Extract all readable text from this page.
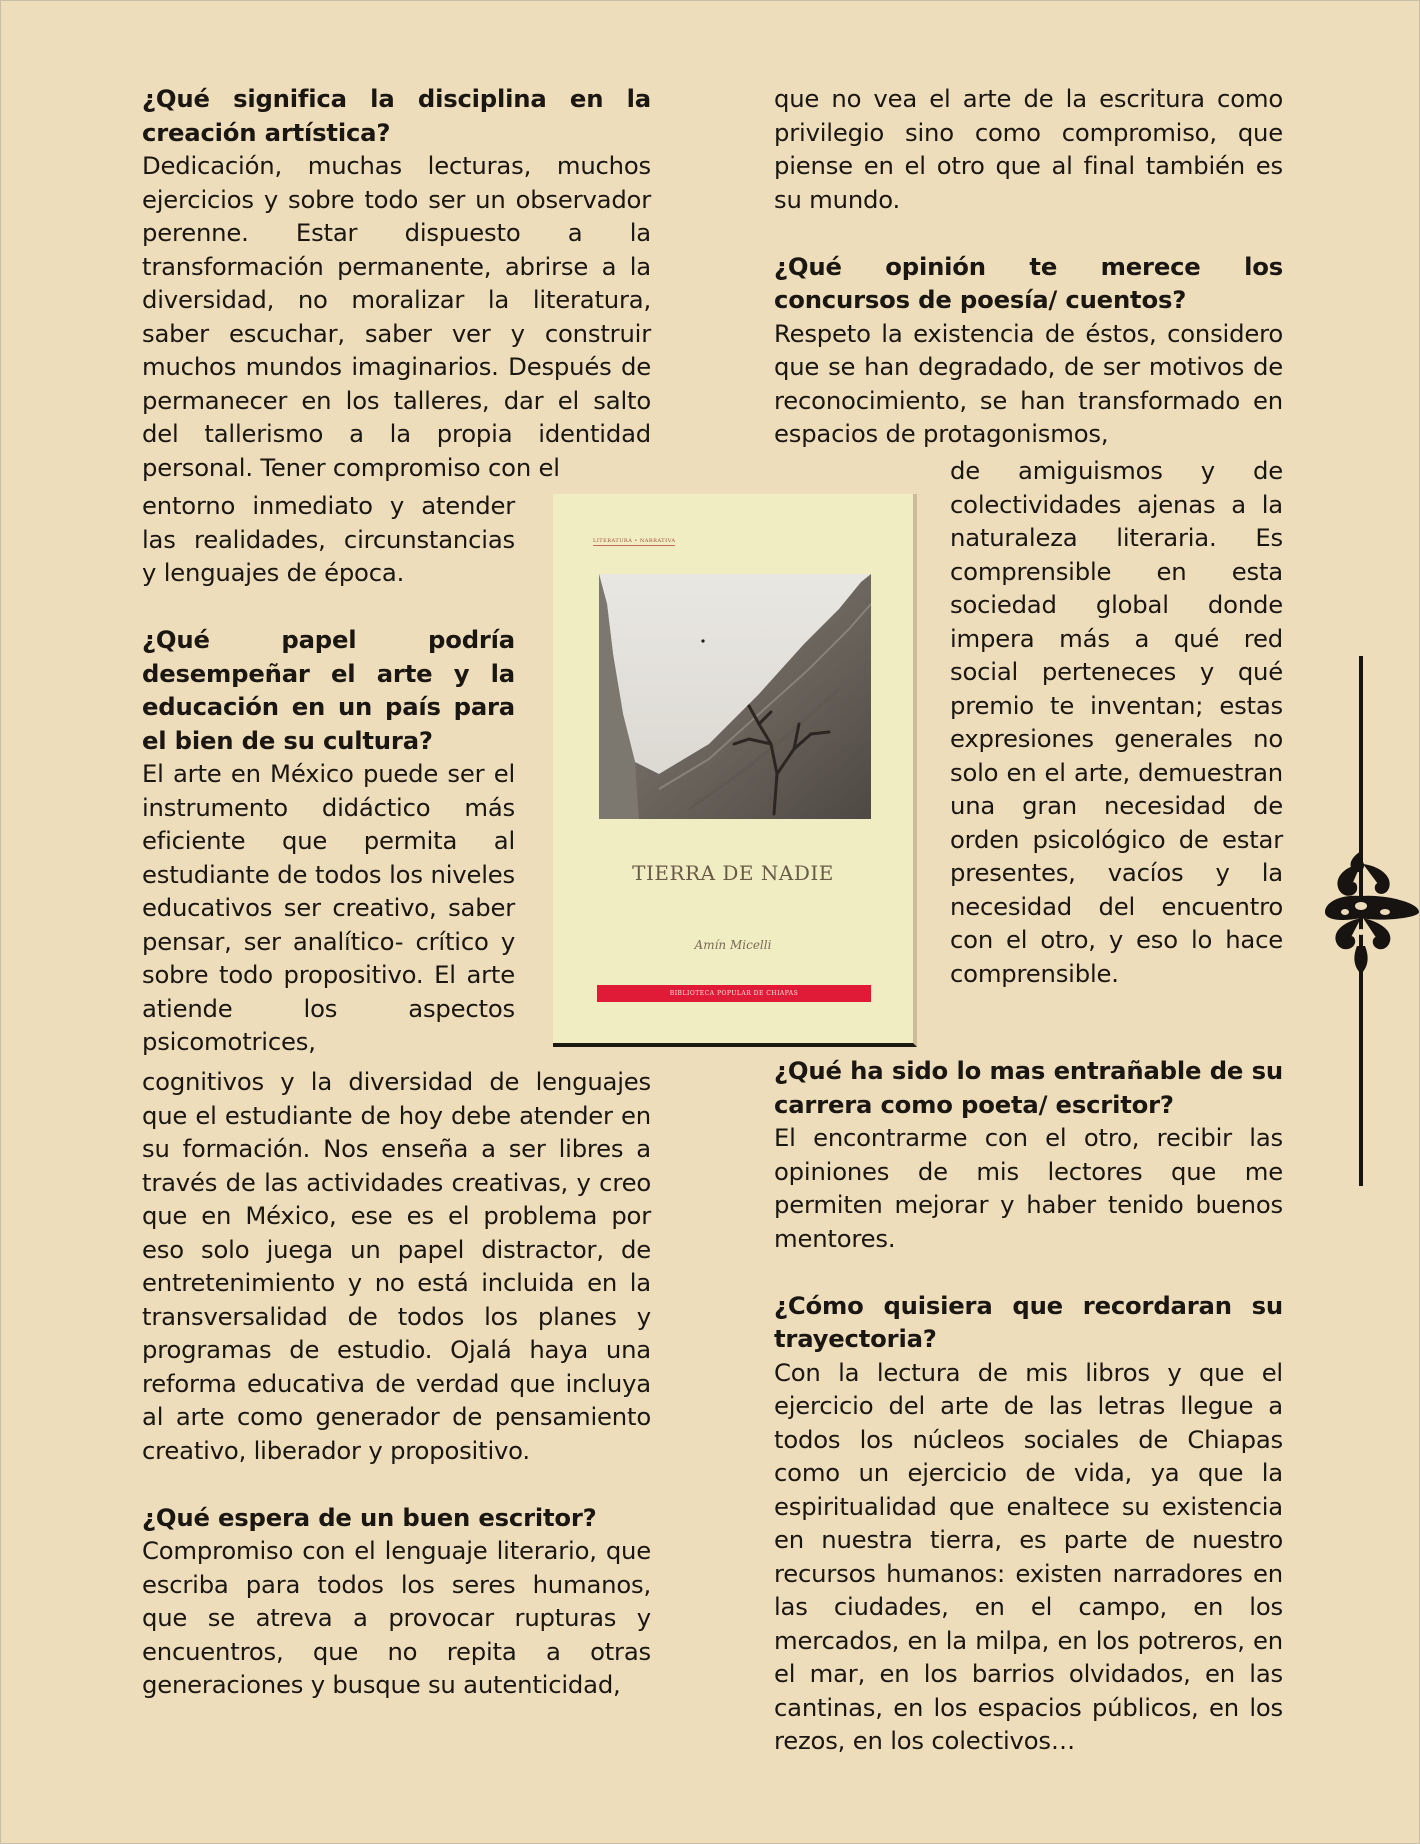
¿Qué significa la disciplina en la creación artística?

Dedicación, muchas lecturas, muchos ejercicios y sobre todo ser un observador perenne. Estar dispuesto a la transformación permanente, abrirse a la diversidad, no moralizar la literatura, saber escuchar, saber ver y construir muchos mundos imaginarios. Después de permanecer en los talleres, dar el salto del tallerismo a la propia identidad personal. Tener compromiso con el

entorno inmediato y atender las realidades, circunstancias y lenguajes de época.

¿Qué papel podría desempeñar el arte y la educación en un país para el bien de su cultura?

El arte en México puede ser el instrumento didáctico más eficiente que permita al estudiante de todos los niveles educativos ser creativo, saber pensar, ser analítico- crítico y sobre todo propositivo. El arte atiende los aspectos psicomotrices,

cognitivos y la diversidad de lenguajes que el estudiante de hoy debe atender en su formación. Nos enseña a ser libres a través de las actividades creativas, y creo que en México, ese es el problema por eso solo juega un papel distractor, de entretenimiento y no está incluida en la transversalidad de todos los planes y programas de estudio. Ojalá haya una reforma educativa de verdad que incluya al arte como generador de pensamiento creativo, liberador y propositivo.

¿Qué espera de un buen escritor?

Compromiso con el lenguaje literario, que escriba para todos los seres humanos, que se atreva a provocar rupturas y encuentros, que no repita a otras generaciones y busque su autenticidad,

que no vea el arte de la escritura como privilegio sino como compromiso, que piense en el otro que al final también es su mundo.

¿Qué opinión te merece los concursos de poesía/ cuentos?

Respeto la existencia de éstos, considero que se han degradado, de ser motivos de reconocimiento, se han transformado en espacios de protagonismos,

de amiguismos y de colectividades ajenas a la naturaleza literaria. Es comprensible en esta sociedad global donde impera más a qué red social perteneces y qué premio te inventan; estas expresiones generales no solo en el arte, demuestran una gran necesidad de orden psicológico de estar presentes, vacíos y la necesidad del encuentro con el otro, y eso lo hace comprensible.

¿Qué ha sido lo mas entrañable de su carrera como poeta/ escritor?

El encontrarme con el otro, recibir las opiniones de mis lectores que me permiten mejorar y haber tenido buenos mentores.

¿Cómo quisiera que recordaran su trayectoria?

Con la lectura de mis libros y que el ejercicio del arte de las letras llegue a todos los núcleos sociales de Chiapas como un ejercicio de vida, ya que la espiritualidad que enaltece su existencia en nuestra tierra, es parte de nuestro recursos humanos: existen narradores en las ciudades, en el campo, en los mercados, en la milpa, en los potreros, en el mar, en los barrios olvidados, en las cantinas, en los espacios públicos, en los rezos, en los colectivos…

LITERATURA • NARRATIVA
TIERRA DE NADIE
Amín Micelli
BIBLIOTECA POPULAR DE CHIAPAS
